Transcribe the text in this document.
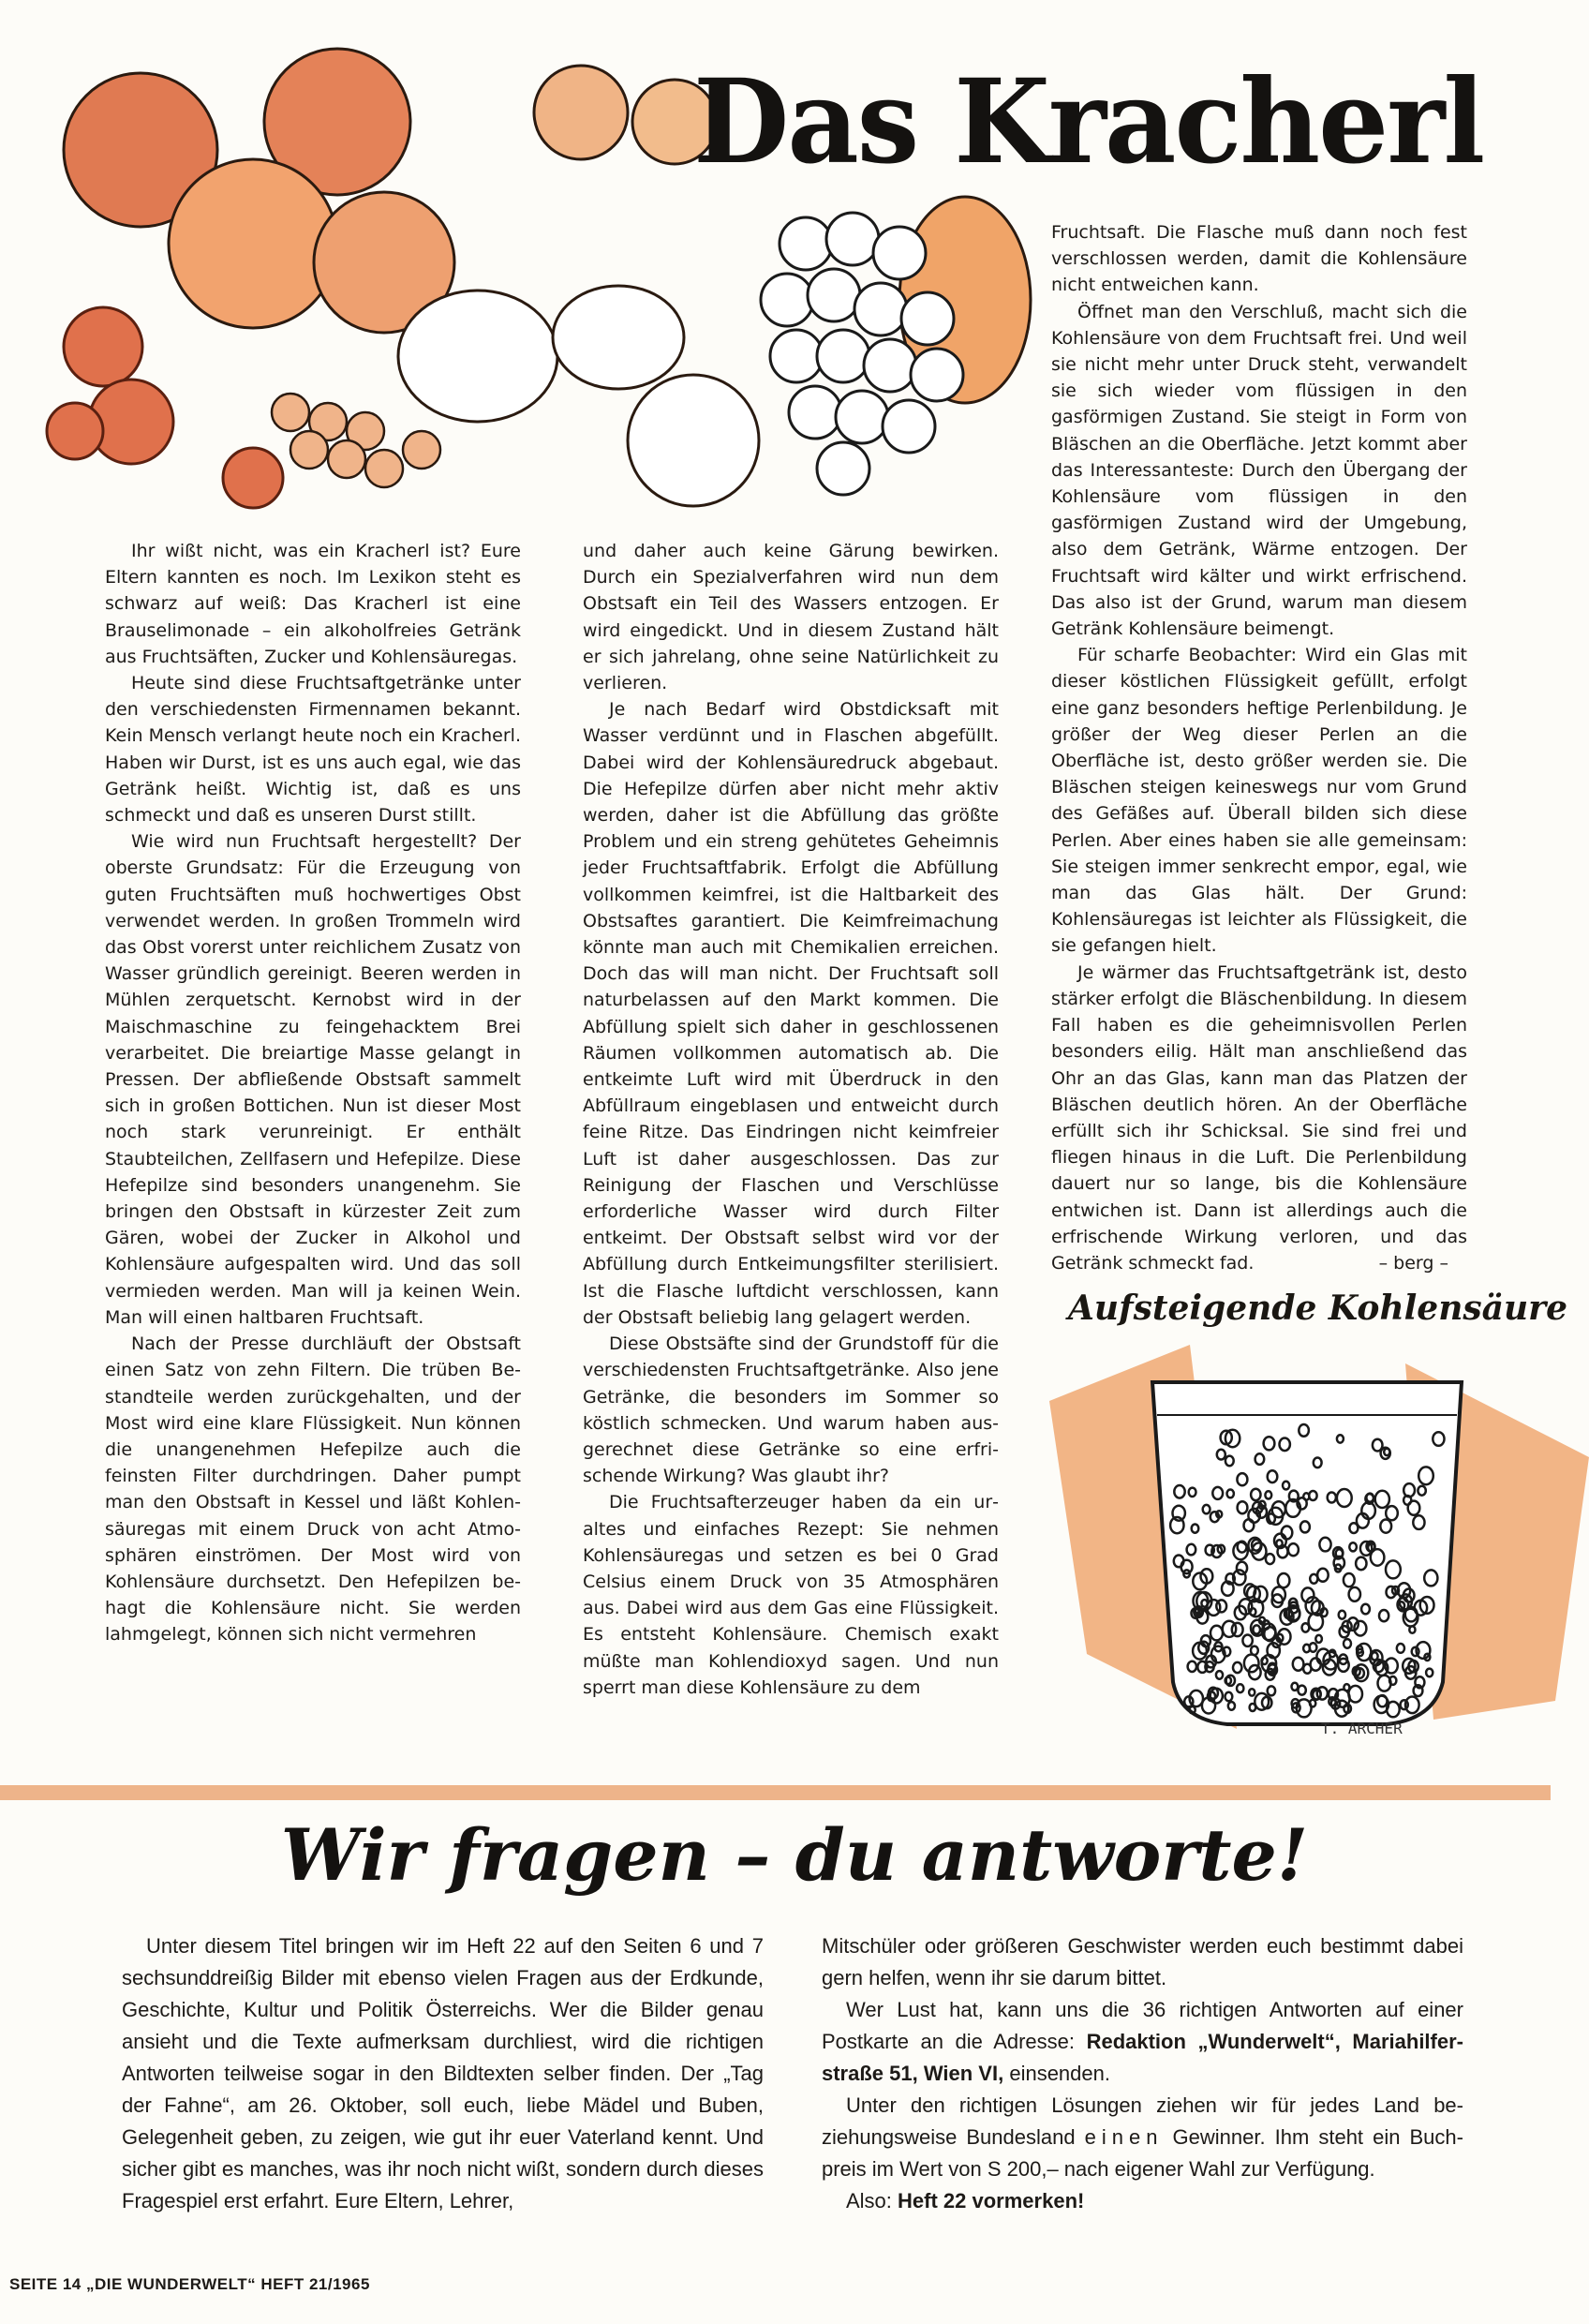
Das Kracherl

Ihr wißt nicht, was ein Kracherl ist? Eure Eltern kannten es noch. Im Lexikon steht es schwarz auf weiß: Das Kracherl ist eine Brauselimonade – ein alkoholfreies Getränk aus Fruchtsäften, Zucker und Kohlensäuregas.

Heute sind diese Fruchtsaftgetränke unter den verschiedensten Firmennamen bekannt. Kein Mensch verlangt heute noch ein Kracherl. Haben wir Durst, ist es uns auch egal, wie das Getränk heißt. Wichtig ist, daß es uns schmeckt und daß es unseren Durst stillt.

Wie wird nun Fruchtsaft hergestellt? Der oberste Grundsatz: Für die Erzeugung von guten Fruchtsäften muß hochwertiges Obst verwendet werden. In großen Trommeln wird das Obst vorerst unter reichlichem Zusatz von Wasser gründlich gereinigt. Beeren werden in Mühlen zerquetscht. Kernobst wird in der Maischmaschine zu feingehacktem Brei verarbeitet. Die breiartige Masse gelangt in Pressen. Der abfließende Obstsaft sammelt sich in großen Bottichen. Nun ist dieser Most noch stark verunreinigt. Er enthält Staubteilchen, Zellfasern und Hefepilze. Diese Hefepilze sind besonders unangenehm. Sie bringen den Obstsaft in kürzester Zeit zum Gären, wobei der Zucker in Alkohol und Kohlensäure aufgespalten wird. Und das soll vermieden werden. Man will ja keinen Wein. Man will einen haltbaren Fruchtsaft.

Nach der Presse durchläuft der Obstsaft einen Satz von zehn Filtern. Die trüben Bestandteile werden zurückgehalten, und der Most wird eine klare Flüssigkeit. Nun können die unangenehmen Hefepilze auch die feinsten Filter durchdringen. Daher pumpt man den Obstsaft in Kessel und läßt Kohlensäuregas mit einem Druck von acht Atmosphären einströmen. Der Most wird von Kohlensäure durchsetzt. Den Hefepilzen behagt die Kohlensäure nicht. Sie werden lahmgelegt, können sich nicht vermehren

und daher auch keine Gärung bewirken. Durch ein Spezialverfahren wird nun dem Obstsaft ein Teil des Wassers entzogen. Er wird eingedickt. Und in diesem Zustand hält er sich jahrelang, ohne seine Natürlichkeit zu verlieren.

Je nach Bedarf wird Obstdicksaft mit Wasser verdünnt und in Flaschen abgefüllt. Dabei wird der Kohlensäuredruck abgebaut. Die Hefepilze dürfen aber nicht mehr aktiv werden, daher ist die Abfüllung das größte Problem und ein streng gehütetes Geheimnis jeder Fruchtsaftfabrik. Erfolgt die Abfüllung vollkommen keimfrei, ist die Haltbarkeit des Obstsaftes garantiert. Die Keimfreimachung könnte man auch mit Chemikalien erreichen. Doch das will man nicht. Der Fruchtsaft soll naturbelassen auf den Markt kommen. Die Abfüllung spielt sich daher in geschlossenen Räumen vollkommen automatisch ab. Die entkeimte Luft wird mit Überdruck in den Abfüllraum eingeblasen und entweicht durch feine Ritze. Das Eindringen nicht keimfreier Luft ist daher ausgeschlossen. Das zur Reinigung der Flaschen und Verschlüsse erforderliche Wasser wird durch Filter entkeimt. Der Obstsaft selbst wird vor der Abfüllung durch Entkeimungsfilter sterilisiert. Ist die Flasche luftdicht verschlossen, kann der Obstsaft beliebig lang gelagert werden.

Diese Obstsäfte sind der Grundstoff für die verschiedensten Fruchtsaftgetränke. Also jene Getränke, die besonders im Sommer so köstlich schmecken. Und warum haben ausgerechnet diese Getränke so eine erfrischende Wirkung? Was glaubt ihr?

Die Fruchtsafterzeuger haben da ein uraltes und einfaches Rezept: Sie nehmen Kohlensäuregas und setzen es bei 0 Grad Celsius einem Druck von 35 Atmosphären aus. Dabei wird aus dem Gas eine Flüssigkeit. Es entsteht Kohlensäure. Chemisch exakt müßte man Kohlendioxyd sagen. Und nun sperrt man diese Kohlensäure zu dem

Fruchtsaft. Die Flasche muß dann noch fest verschlossen werden, damit die Kohlensäure nicht entweichen kann.

Öffnet man den Verschluß, macht sich die Kohlensäure von dem Fruchtsaft frei. Und weil sie nicht mehr unter Druck steht, verwandelt sie sich wieder vom flüssigen in den gasförmigen Zustand. Sie steigt in Form von Bläschen an die Oberfläche. Jetzt kommt aber das Interessanteste: Durch den Übergang der Kohlensäure vom flüssigen in den gasförmigen Zustand wird der Umgebung, also dem Getränk, Wärme entzogen. Der Fruchtsaft wird kälter und wirkt erfrischend. Das also ist der Grund, warum man diesem Getränk Kohlensäure beimengt.

Für scharfe Beobachter: Wird ein Glas mit dieser köstlichen Flüssigkeit gefüllt, erfolgt eine ganz besonders heftige Perlenbildung. Je größer der Weg dieser Perlen an die Oberfläche ist, desto größer werden sie. Die Bläschen steigen keineswegs nur vom Grund des Gefäßes auf. Überall bilden sich diese Perlen. Aber eines haben sie alle gemeinsam: Sie steigen immer senkrecht empor, egal, wie man das Glas hält. Der Grund: Kohlensäuregas ist leichter als Flüssigkeit, die sie gefangen hielt.

Je wärmer das Fruchtsaftgetränk ist, desto stärker erfolgt die Bläschenbildung. In diesem Fall haben es die geheimnisvollen Perlen besonders eilig. Hält man anschließend das Ohr an das Glas, kann man das Platzen der Bläschen deutlich hören. An der Oberfläche erfüllt sich ihr Schicksal. Sie sind frei und fliegen hinaus in die Luft. Die Perlenbildung dauert nur so lange, bis die Kohlensäure entwichen ist. Dann ist allerdings auch die erfrischende Wirkung verloren, und das Getränk schmeckt fad.	– berg –

Aufsteigende Kohlensäure
T. ARCHER
Wir fragen – du antworte!

Unter diesem Titel bringen wir im Heft 22 auf den Seiten 6 und 7 sechsunddreißig Bilder mit ebenso vielen Fragen aus der Erdkunde, Geschichte, Kultur und Politik Österreichs. Wer die Bilder genau ansieht und die Texte aufmerksam durchliest, wird die richtigen Antworten teilweise sogar in den Bildtexten selber finden. Der „Tag der Fahne“, am 26. Oktober, soll euch, liebe Mädel und Buben, Gelegenheit geben, zu zeigen, wie gut ihr euer Vaterland kennt. Und sicher gibt es manches, was ihr noch nicht wißt, sondern durch dieses Fragespiel erst erfahrt. Eure Eltern, Lehrer,

Mitschüler oder größeren Geschwister werden euch bestimmt dabei gern helfen, wenn ihr sie darum bittet.

Wer Lust hat, kann uns die 36 richtigen Antworten auf einer Postkarte an die Adresse: Redaktion „Wunderwelt“, Mariahilferstraße 51, Wien VI, einsenden.

Unter den richtigen Lösungen ziehen wir für jedes Land beziehungsweise Bundesland einen Gewinner. Ihm steht ein Buchpreis im Wert von S 200,– nach eigener Wahl zur Verfügung.

Also: Heft 22 vormerken!

SEITE 14 „DIE WUNDERWELT“ HEFT 21/1965
